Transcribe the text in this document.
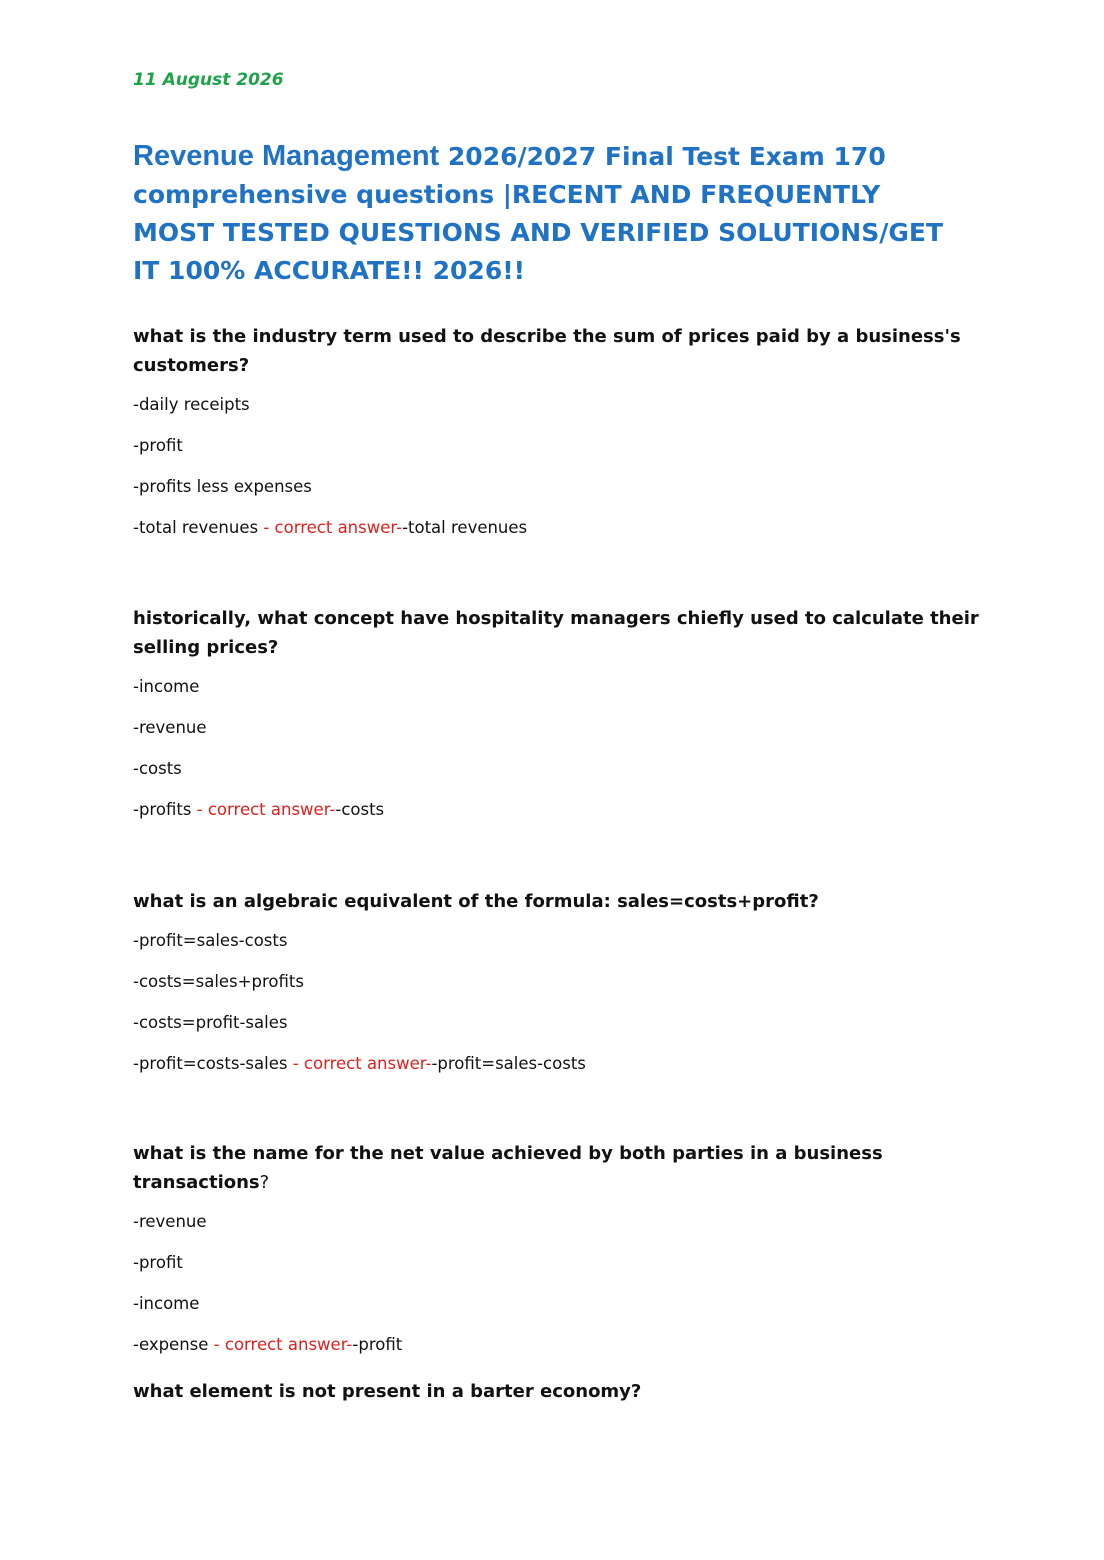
11 August 2026
Revenue Management 2026/2027 Final Test Exam 170 comprehensive questions |RECENT AND FREQUENTLY MOST TESTED QUESTIONS AND VERIFIED SOLUTIONS/GET IT 100% ACCURATE!! 2026!!

what is the industry term used to describe the sum of prices paid by a business's customers?

-daily receipts
-profit
-profits less expenses
-total revenues - correct answer--total revenues

historically, what concept have hospitality managers chiefly used to calculate their selling prices?

-income
-revenue
-costs
-profits - correct answer--costs

what is an algebraic equivalent of the formula: sales=costs+profit?

-profit=sales-costs
-costs=sales+profits
-costs=profit-sales
-profit=costs-sales - correct answer--profit=sales-costs

what is the name for the net value achieved by both parties in a business transactions?

-revenue
-profit
-income
-expense - correct answer--profit

what element is not present in a barter economy?
